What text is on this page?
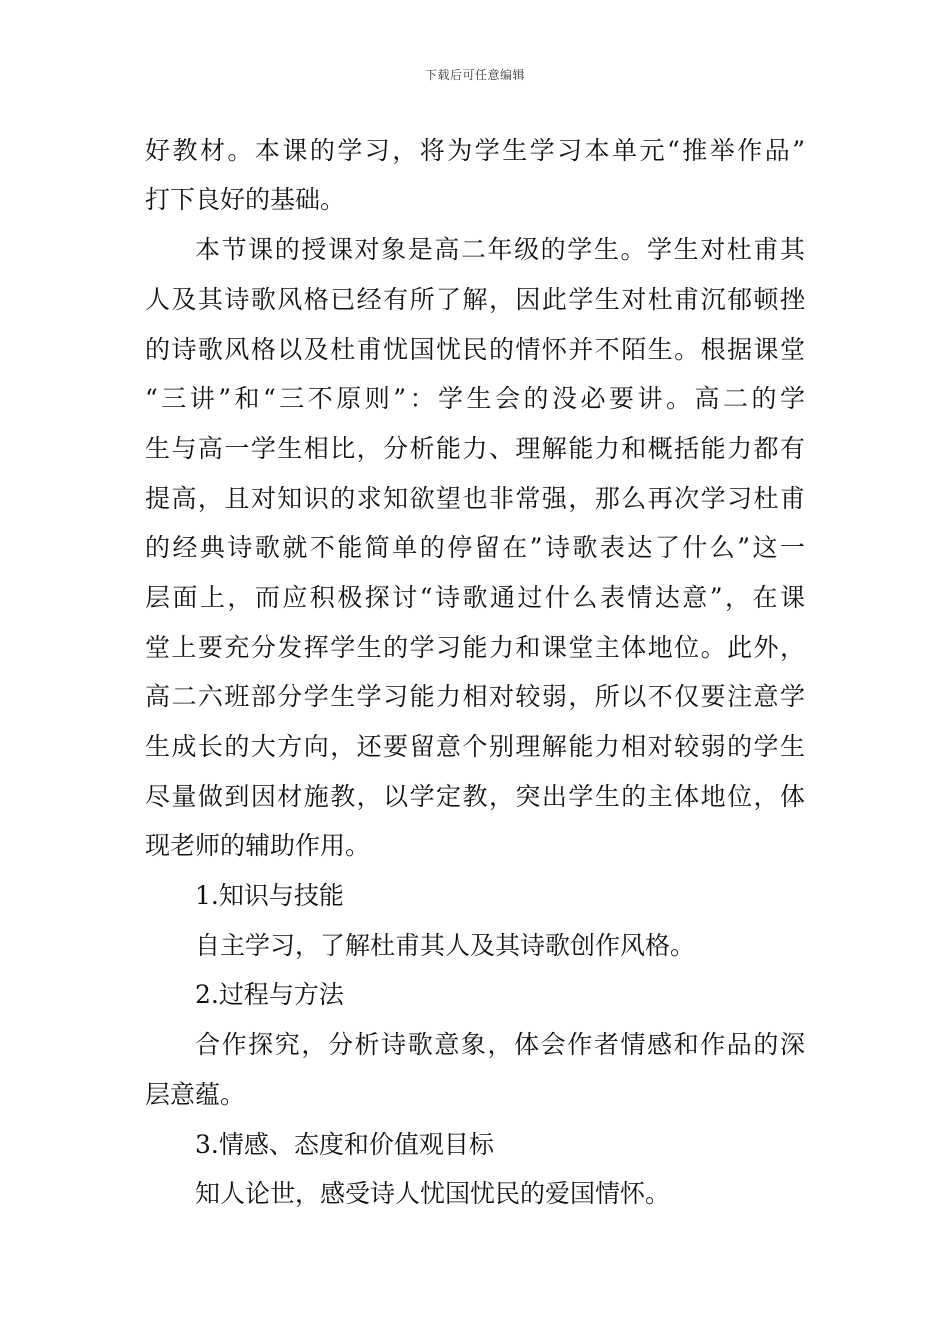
下载后可任意编辑
好教材。本课的学习，将为学生学习本单元“推举作品”
打下良好的基础。
本节课的授课对象是高二年级的学生。学生对杜甫其
人及其诗歌风格已经有所了解，因此学生对杜甫沉郁顿挫
的诗歌风格以及杜甫忧国忧民的情怀并不陌生。根据课堂
“三讲”和“三不原则”：学生会的没必要讲。高二的学
生与高一学生相比，分析能力、理解能力和概括能力都有
提高，且对知识的求知欲望也非常强，那么再次学习杜甫
的经典诗歌就不能简单的停留在”诗歌表达了什么”这一
层面上，而应积极探讨“诗歌通过什么表情达意”，在课
堂上要充分发挥学生的学习能力和课堂主体地位。此外，
高二六班部分学生学习能力相对较弱，所以不仅要注意学
生成长的大方向，还要留意个别理解能力相对较弱的学生
尽量做到因材施教，以学定教，突出学生的主体地位，体
现老师的辅助作用。
1.知识与技能
自主学习，了解杜甫其人及其诗歌创作风格。
2.过程与方法
合作探究，分析诗歌意象，体会作者情感和作品的深
层意蕴。
3.情感、态度和价值观目标
知人论世，感受诗人忧国忧民的爱国情怀。
